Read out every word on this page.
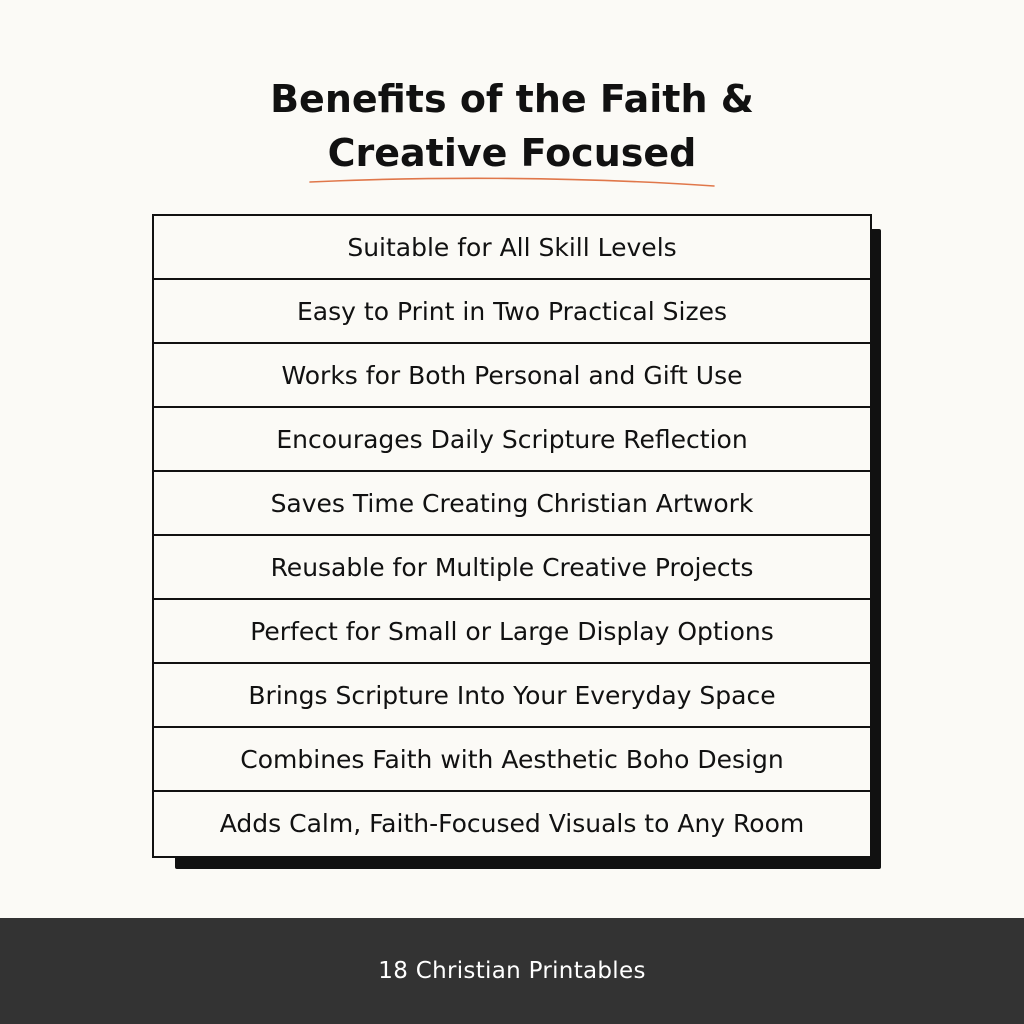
Benefits of the Faith &
Creative Focused
Suitable for All Skill Levels
Easy to Print in Two Practical Sizes
Works for Both Personal and Gift Use
Encourages Daily Scripture Reflection
Saves Time Creating Christian Artwork
Reusable for Multiple Creative Projects
Perfect for Small or Large Display Options
Brings Scripture Into Your Everyday Space
Combines Faith with Aesthetic Boho Design
Adds Calm, Faith-Focused Visuals to Any Room
18 Christian Printables
